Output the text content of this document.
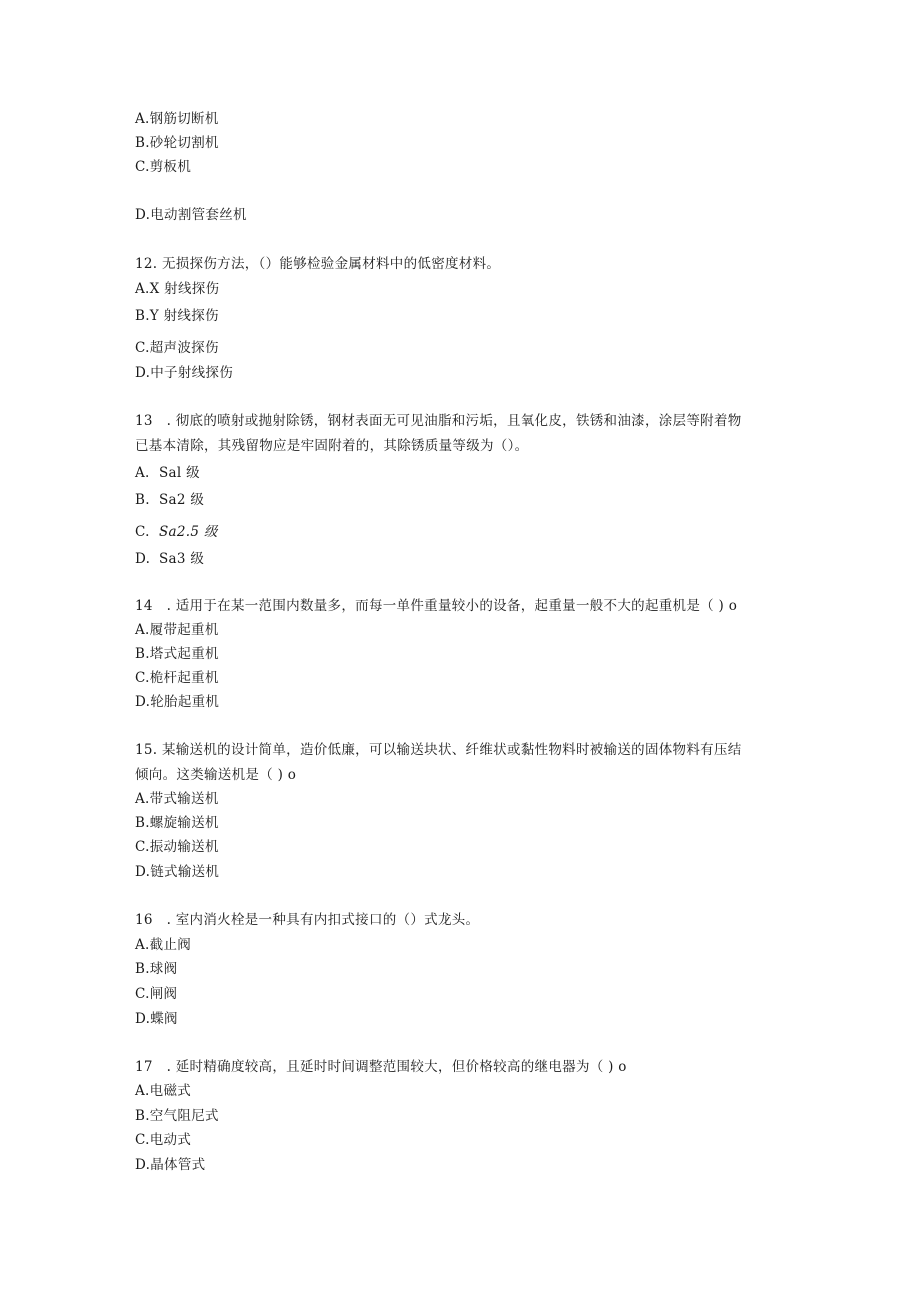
A.钢筋切断机
B.砂轮切割机
C.剪板机
D.电动割管套丝机
12. 无损探伤方法，（）能够检验金属材料中的低密度材料。
A.X 射线探伤
B.Y 射线探伤
C.超声波探伤
D.中子射线探伤
13　. 彻底的喷射或抛射除锈，钢材表面无可见油脂和污垢，且氧化皮，铁锈和油漆，涂层等附着物
已基本清除，其残留物应是牢固附着的，其除锈质量等级为（）。
A. Sal 级
B. Sa2 级
C. Sa2.5 级
D. Sa3 级
14　. 适用于在某一范围内数量多，而每一单件重量较小的设备，起重量一般不大的起重机是（ ) o
A.履带起重机
B.塔式起重机
C.桅杆起重机
D.轮胎起重机
15. 某输送机的设计简单，造价低廉，可以输送块状、纤维状或黏性物料时被输送的固体物料有压结
倾向。这类输送机是（ ) o
A.带式输送机
B.螺旋输送机
C.振动输送机
D.链式输送机
16　. 室内消火栓是一种具有内扣式接口的（）式龙头。
A.截止阀
B.球阀
C.闸阀
D.蝶阀
17　. 延时精确度较高，且延时时间调整范围较大，但价格较高的继电器为（ ) o
A.电磁式
B.空气阻尼式
C.电动式
D.晶体管式
